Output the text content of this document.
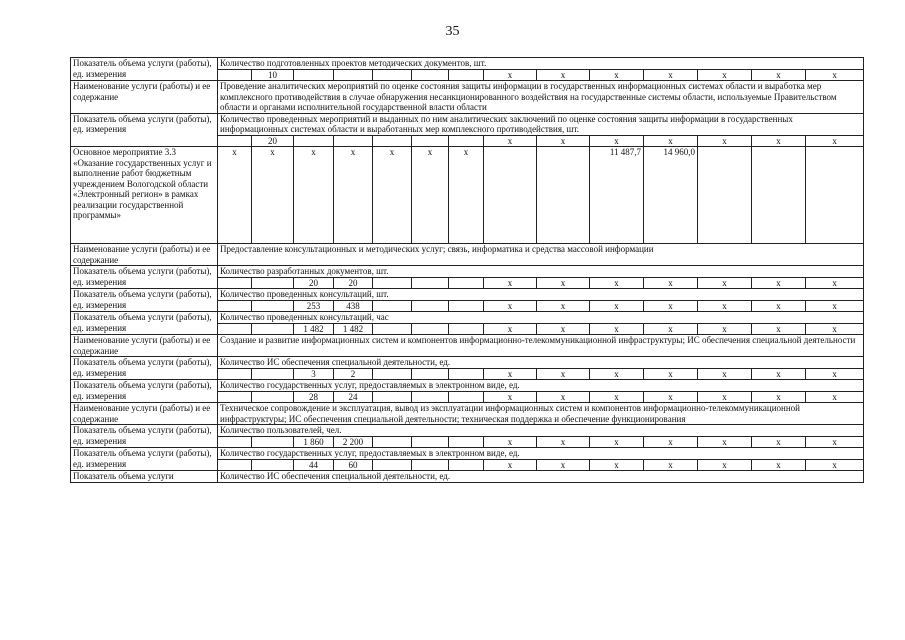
35
Показатель объема услуги (работы), ед. измерения	Количество подготовленных проектов методических документов, шт.													
		10						x	x	x	x	x	x	x
Наименование услуги (работы) и ее содержание	Проведение аналитических мероприятий по оценке состояния защиты информации в государственных информационных системах области и выработка мер комплексного противодействия в случае обнаружения несанкционированного воздействия на государственные системы области, используемые Правительством области и органами исполнительной государственной власти области													
Показатель объема услуги (работы), ед. измерения	Количество проведенных мероприятий и выданных по ним аналитических заключений по оценке состояния защиты информации в государственных информационных системах области и выработанных мер комплексного противодействия, шт.													
		20						x	x	x	x	x	x	x
Основное мероприятие 3.3 «Оказание государственных услуг и выполнение работ бюджетным учреждением Вологодской области «Электронный регион» в рамках реализации государственной программы»	x	x	x	x	x	x	x			11 487,7	14 960,0			
Наименование услуги (работы) и ее содержание	Предоставление консультационных и методических услуг; связь, информатика и средства массовой информации													
Показатель объема услуги (работы), ед. измерения	Количество разработанных документов, шт.													
			20	20				x	x	x	x	x	x	x
Показатель объема услуги (работы), ед. измерения	Количество проведенных консультаций, шт.													
			253	438				x	x	x	x	x	x	x
Показатель объема услуги (работы), ед. измерения	Количество проведенных консультаций, час													
			1 482	1 482				x	x	x	x	x	x	x
Наименование услуги (работы) и ее содержание	Создание и развитие информационных систем и компонентов информационно-телекоммуникационной инфраструктуры; ИС обеспечения специальной деятельности													
Показатель объема услуги (работы), ед. измерения	Количество ИС обеспечения специальной деятельности, ед.													
			3	2				x	x	x	x	x	x	x
Показатель объема услуги (работы), ед. измерения	Количество государственных услуг, предоставляемых в электронном виде, ед.													
			28	24				x	x	x	x	x	x	x
Наименование услуги (работы) и ее содержание	Техническое сопровождение и эксплуатация, вывод из эксплуатации информационных систем и компонентов информационно-телекоммуникационной инфраструктуры; ИС обеспечения специальной деятельности; техническая поддержка и обеспечение функционирования													
Показатель объема услуги (работы), ед. измерения	Количество пользователей, чел.													
			1 860	2 200				x	x	x	x	x	x	x
Показатель объема услуги (работы), ед. измерения	Количество государственных услуг, предоставляемых в электронном виде, ед.													
			44	60				x	x	x	x	x	x	x
Показатель объема услуги	Количество ИС обеспечения специальной деятельности, ед.													
